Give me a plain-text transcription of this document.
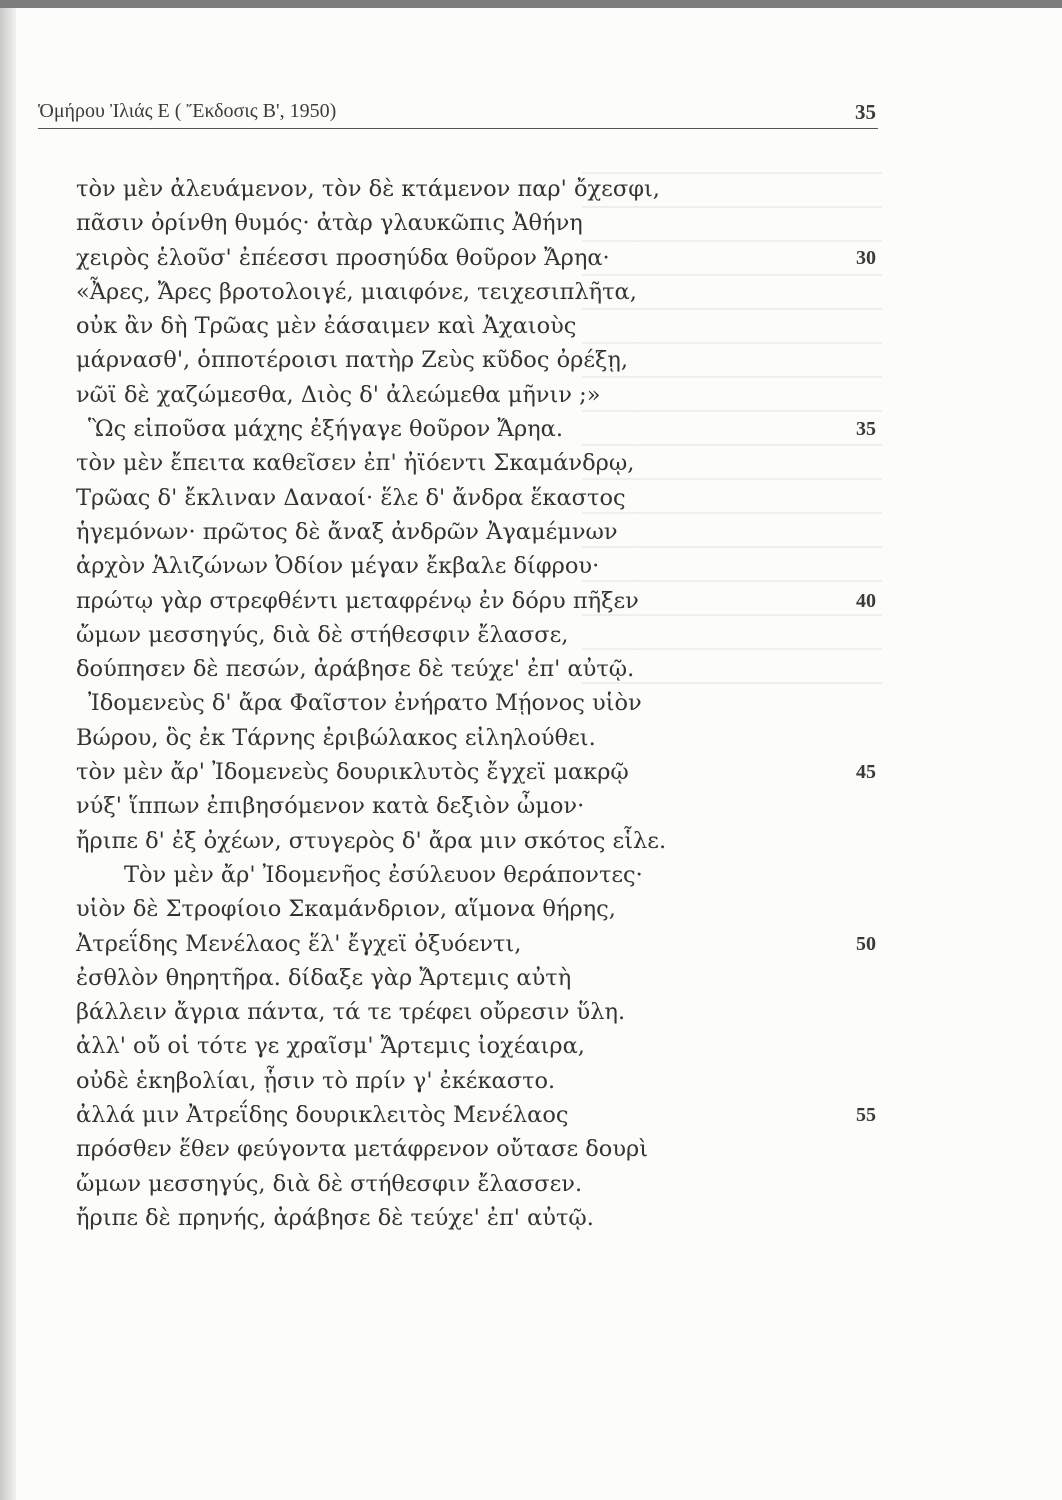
Ὁμήρου Ἰλιάς Ε ( Ἔκδοσις Β', 1950)	35
τὸν μὲν ἀλευάμενον, τὸν δὲ κτάμενον παρ' ὄχεσφι,
πᾶσιν ὀρίνθη θυμός· ἀτὰρ γλαυκῶπις Ἀθήνη
χειρὸς ἑλοῦσ' ἐπέεσσι προσηύδα θοῦρον Ἄρηα·	30
«Ἆρες, Ἄρες βροτολοιγέ, μιαιφόνε, τειχεσιπλῆτα,
οὐκ ἂν δὴ Τρῶας μὲν ἐάσαιμεν καὶ Ἀχαιοὺς
μάρνασθ', ὁπποτέροισι πατὴρ Ζεὺς κῦδος ὀρέξῃ,
νῶϊ δὲ χαζώμεσθα, Διὸς δ' ἀλεώμεθα μῆνιν ;»
Ὣς εἰποῦσα μάχης ἐξήγαγε θοῦρον Ἄρηα.	35
τὸν μὲν ἔπειτα καθεῖσεν ἐπ' ἠϊόεντι Σκαμάνδρῳ,
Τρῶας δ' ἔκλιναν Δαναοί· ἕλε δ' ἄνδρα ἕκαστος
ἡγεμόνων· πρῶτος δὲ ἄναξ ἀνδρῶν Ἀγαμέμνων
ἀρχὸν Ἁλιζώνων Ὀδίον μέγαν ἔκβαλε δίφρου·
πρώτῳ γὰρ στρεφθέντι μεταφρένῳ ἐν δόρυ πῆξεν	40
ὤμων μεσσηγύς, διὰ δὲ στήθεσφιν ἔλασσε,
δούπησεν δὲ πεσών, ἀράβησε δὲ τεύχε' ἐπ' αὐτῷ.
Ἰδομενεὺς δ' ἄρα Φαῖστον ἐνήρατο Μῄονος υἱὸν
Βώρου, ὃς ἐκ Τάρνης ἐριβώλακος εἰληλούθει.
τὸν μὲν ἄρ' Ἰδομενεὺς δουρικλυτὸς ἔγχεϊ μακρῷ	45
νύξ' ἵππων ἐπιβησόμενον κατὰ δεξιὸν ὦμον·
ἤριπε δ' ἐξ ὀχέων, στυγερὸς δ' ἄρα μιν σκότος εἷλε.
Τὸν μὲν ἄρ' Ἰδομενῆος ἐσύλευον θεράποντες·
υἱὸν δὲ Στροφίοιο Σκαμάνδριον, αἵμονα θήρης,
Ἀτρεΐδης Μενέλαος ἕλ' ἔγχεϊ ὀξυόεντι,	50
ἐσθλὸν θηρητῆρα. δίδαξε γὰρ Ἄρτεμις αὐτὴ
βάλλειν ἄγρια πάντα, τά τε τρέφει οὔρεσιν ὕλη.
ἀλλ' οὔ οἱ τότε γε χραῖσμ' Ἄρτεμις ἰοχέαιρα,
οὐδὲ ἑκηβολίαι, ᾗσιν τὸ πρίν γ' ἐκέκαστο.
ἀλλά μιν Ἀτρεΐδης δουρικλειτὸς Μενέλαος	55
πρόσθεν ἕθεν φεύγοντα μετάφρενον οὔτασε δουρὶ
ὤμων μεσσηγύς, διὰ δὲ στήθεσφιν ἔλασσεν.
ἤριπε δὲ πρηνής, ἀράβησε δὲ τεύχε' ἐπ' αὐτῷ.
